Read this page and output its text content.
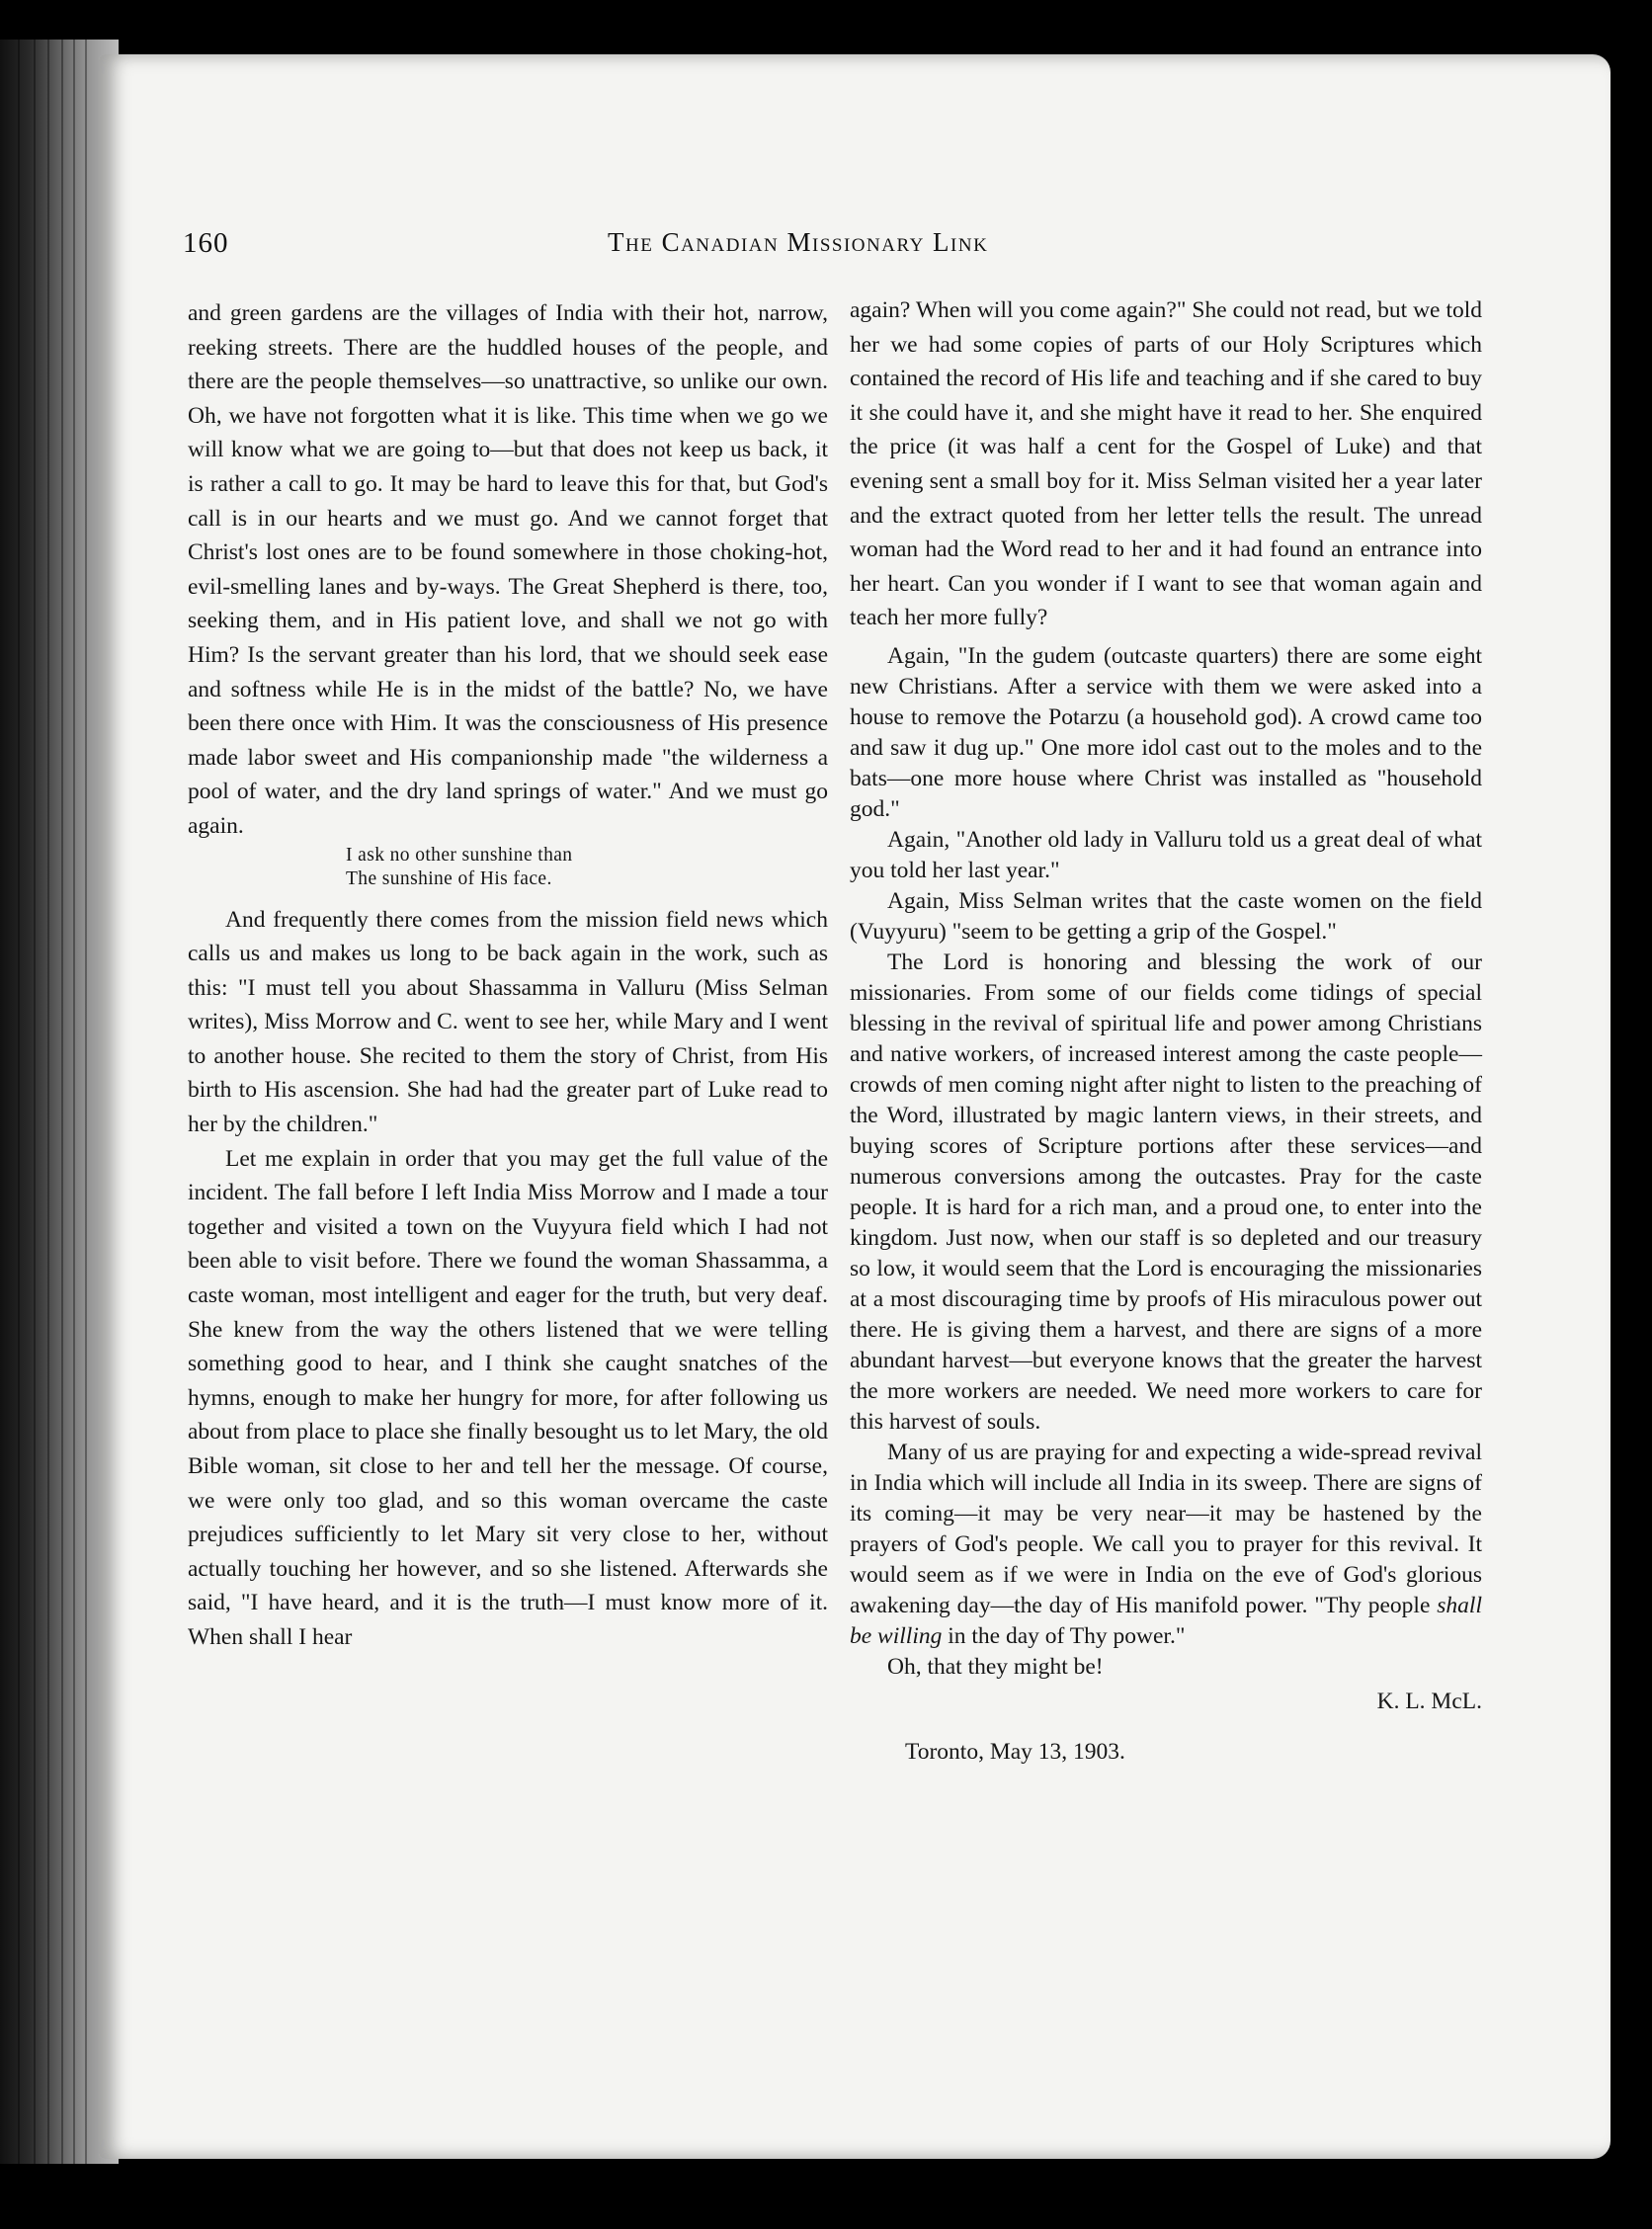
160	The Canadian Missionary Link

and green gardens are the villages of India with their hot, narrow, reeking streets. There are the huddled houses of the people, and there are the people themselves—so unattractive, so unlike our own. Oh, we have not forgotten what it is like. This time when we go we will know what we are going to—but that does not keep us back, it is rather a call to go. It may be hard to leave this for that, but God's call is in our hearts and we must go. And we cannot forget that Christ's lost ones are to be found somewhere in those choking-hot, evil-smelling lanes and by-ways. The Great Shepherd is there, too, seeking them, and in His patient love, and shall we not go with Him? Is the servant greater than his lord, that we should seek ease and softness while He is in the midst of the battle? No, we have been there once with Him. It was the consciousness of His presence made labor sweet and His companionship made "the wilderness a pool of water, and the dry land springs of water." And we must go again.

I ask no other sunshine than
The sunshine of His face.

And frequently there comes from the mission field news which calls us and makes us long to be back again in the work, such as this: "I must tell you about Shassamma in Valluru (Miss Selman writes), Miss Morrow and C. went to see her, while Mary and I went to another house. She recited to them the story of Christ, from His birth to His ascension. She had had the greater part of Luke read to her by the children."

Let me explain in order that you may get the full value of the incident. The fall before I left India Miss Morrow and I made a tour together and visited a town on the Vuyyura field which I had not been able to visit before. There we found the woman Shassamma, a caste woman, most intelligent and eager for the truth, but very deaf. She knew from the way the others listened that we were telling something good to hear, and I think she caught snatches of the hymns, enough to make her hungry for more, for after following us about from place to place she finally besought us to let Mary, the old Bible woman, sit close to her and tell her the message. Of course, we were only too glad, and so this woman overcame the caste prejudices sufficiently to let Mary sit very close to her, without actually touching her however, and so she listened. Afterwards she said, "I have heard, and it is the truth—I must know more of it. When shall I hear

again? When will you come again?" She could not read, but we told her we had some copies of parts of our Holy Scriptures which contained the record of His life and teaching and if she cared to buy it she could have it, and she might have it read to her. She enquired the price (it was half a cent for the Gospel of Luke) and that evening sent a small boy for it. Miss Selman visited her a year later and the extract quoted from her letter tells the result. The unread woman had the Word read to her and it had found an entrance into her heart. Can you wonder if I want to see that woman again and teach her more fully?

Again, "In the gudem (outcaste quarters) there are some eight new Christians. After a service with them we were asked into a house to remove the Potarzu (a household god). A crowd came too and saw it dug up." One more idol cast out to the moles and to the bats—one more house where Christ was installed as "household god."

Again, "Another old lady in Valluru told us a great deal of what you told her last year."

Again, Miss Selman writes that the caste women on the field (Vuyyuru) "seem to be getting a grip of the Gospel."

The Lord is honoring and blessing the work of our missionaries. From some of our fields come tidings of special blessing in the revival of spiritual life and power among Christians and native workers, of increased interest among the caste people—crowds of men coming night after night to listen to the preaching of the Word, illustrated by magic lantern views, in their streets, and buying scores of Scripture portions after these services—and numerous conversions among the outcastes. Pray for the caste people. It is hard for a rich man, and a proud one, to enter into the kingdom. Just now, when our staff is so depleted and our treasury so low, it would seem that the Lord is encouraging the missionaries at a most discouraging time by proofs of His miraculous power out there. He is giving them a harvest, and there are signs of a more abundant harvest—but everyone knows that the greater the harvest the more workers are needed. We need more workers to care for this harvest of souls.

Many of us are praying for and expecting a wide-spread revival in India which will include all India in its sweep. There are signs of its coming—it may be very near—it may be hastened by the prayers of God's people. We call you to prayer for this revival. It would seem as if we were in India on the eve of God's glorious awakening day—the day of His manifold power. "Thy people shall be willing in the day of Thy power."

Oh, that they might be!

K. L. McL.

Toronto, May 13, 1903.
